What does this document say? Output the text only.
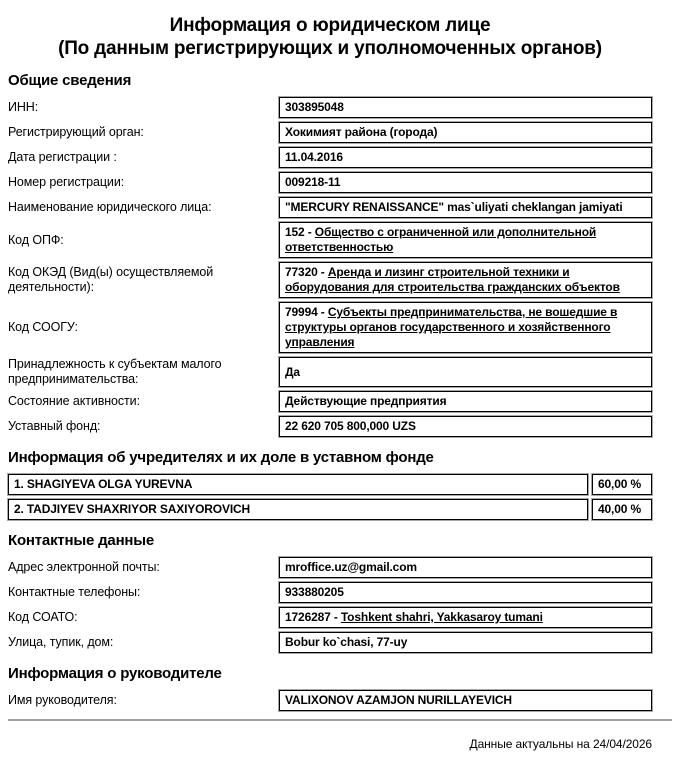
Информация о юридическом лице
(По данным регистрирующих и уполномоченных органов)
Общие сведения
ИНН:	303895048
Регистрирующий орган:	Хокимият района (города)
Дата регистрации :	11.04.2016
Номер регистрации:	009218-11
Наименование юридического лица:	"MERCURY RENAISSANCE" mas`uliyati cheklangan jamiyati
Код ОПФ:
152 - Общество с ограниченной или дополнительной ответственностью
Код ОКЭД (Вид(ы) осуществляемой деятельности):
77320 - Аренда и лизинг строительной техники и оборудования для строительства гражданских объектов
Код СООГУ:
79994 - Субъекты предпринимательства, не вошедшие в структуры органов государственного и хозяйственного управления
Принадлежность к субъектам малого предпринимательства:
Да
Состояние активности:	Действующие предприятия
Уставный фонд:	22 620 705 800,000 UZS
Информация об учредителях и их доле в уставном фонде
1. SHAGIYEVA OLGA YUREVNA	60,00 %
2. TADJIYEV SHAXRIYOR SAXIYOROVICH	40,00 %
Контактные данные
Адрес электронной почты:	mroffice.uz@gmail.com
Контактные телефоны:	933880205
Код СОАТО:	1726287 - Toshkent shahri, Yakkasaroy tumani
Улица, тупик, дом:	Bobur ko`chasi, 77-uy
Информация о руководителе
Имя руководителя:	VALIXONOV AZAMJON NURILLAYEVICH
Данные актуальны на 24/04/2026
